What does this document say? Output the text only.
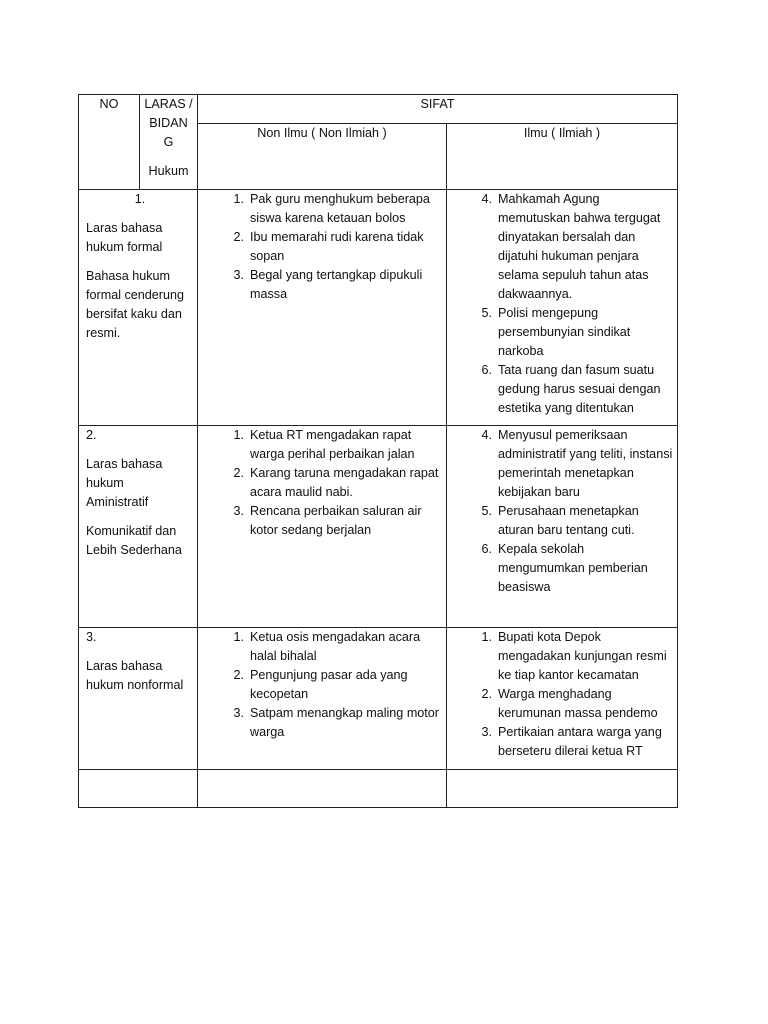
NO	LARAS /
BIDAN
G
Hukum
SIFAT
Non Ilmu ( Non Ilmiah )	Ilmu ( Ilmiah )
1.
Laras bahasa hukum formal
Bahasa hukum formal cenderung bersifat kaku dan resmi.
1. Pak guru menghukum beberapa siswa karena ketauan bolos
2. Ibu memarahi rudi karena tidak sopan
3. Begal yang tertangkap dipukuli massa
4. Mahkamah Agung memutuskan bahwa tergugat dinyatakan bersalah dan dijatuhi hukuman penjara selama sepuluh tahun atas dakwaannya.
5. Polisi mengepung persembunyian sindikat narkoba
6. Tata ruang dan fasum suatu gedung harus sesuai dengan estetika yang ditentukan
2.
Laras bahasa hukum Aministratif
Komunikatif dan Lebih Sederhana
1. Ketua RT mengadakan rapat warga perihal perbaikan jalan
2. Karang taruna mengadakan rapat acara maulid nabi.
3. Rencana perbaikan saluran air kotor sedang berjalan
4. Menyusul pemeriksaan administratif yang teliti, instansi pemerintah menetapkan kebijakan baru
5. Perusahaan menetapkan aturan baru tentang cuti.
6. Kepala sekolah mengumumkan pemberian beasiswa
3.
Laras bahasa hukum nonformal
1. Ketua osis mengadakan acara halal bihalal
2. Pengunjung pasar ada yang kecopetan
3. Satpam menangkap maling motor warga
1. Bupati kota Depok mengadakan kunjungan resmi ke tiap kantor kecamatan
2. Warga menghadang kerumunan massa pendemo
3. Pertikaian antara warga yang berseteru dilerai ketua RT
